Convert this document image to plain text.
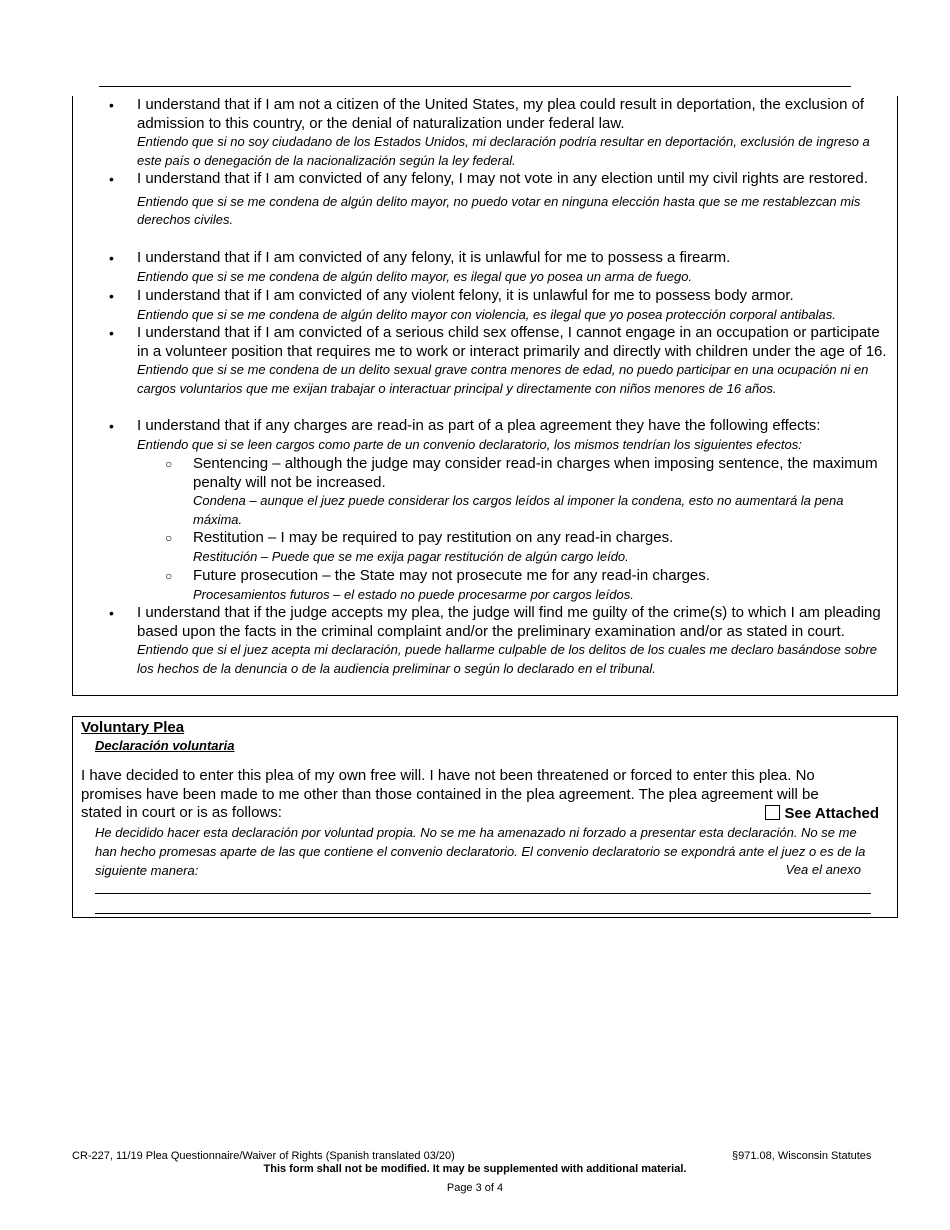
• I understand that if I am not a citizen of the United States, my plea could result in deportation, the exclusion of admission to this country, or the denial of naturalization under federal law.
Entiendo que si no soy ciudadano de los Estados Unidos, mi declaración podría resultar en deportación, exclusión de ingreso a este país o denegación de la nacionalización según la ley federal.
• I understand that if I am convicted of any felony, I may not vote in any election until my civil rights are restored.
Entiendo que si se me condena de algún delito mayor, no puedo votar en ninguna elección hasta que se me restablezcan mis derechos civiles.
• I understand that if I am convicted of any felony, it is unlawful for me to possess a firearm.
Entiendo que si se me condena de algún delito mayor, es ilegal que yo posea un arma de fuego.
• I understand that if I am convicted of any violent felony, it is unlawful for me to possess body armor.
Entiendo que si se me condena de algún delito mayor con violencia, es ilegal que yo posea protección corporal antibalas.
• I understand that if I am convicted of a serious child sex offense, I cannot engage in an occupation or participate in a volunteer position that requires me to work or interact primarily and directly with children under the age of 16.
Entiendo que si se me condena de un delito sexual grave contra menores de edad, no puedo participar en una ocupación ni en cargos voluntarios que me exijan trabajar o interactuar principal y directamente con niños menores de 16 años.
• I understand that if any charges are read-in as part of a plea agreement they have the following effects:
Entiendo que si se leen cargos como parte de un convenio declaratorio, los mismos tendrían los siguientes efectos:
○ Sentencing – although the judge may consider read-in charges when imposing sentence, the maximum penalty will not be increased.
Condena – aunque el juez puede considerar los cargos leídos al imponer la condena, esto no aumentará la pena máxima.
○ Restitution – I may be required to pay restitution on any read-in charges.
Restitución – Puede que se me exija pagar restitución de algún cargo leído.
○ Future prosecution – the State may not prosecute me for any read-in charges.
Procesamientos futuros – el estado no puede procesarme por cargos leídos.
• I understand that if the judge accepts my plea, the judge will find me guilty of the crime(s) to which I am pleading based upon the facts in the criminal complaint and/or the preliminary examination and/or as stated in court.
Entiendo que si el juez acepta mi declaración, puede hallarme culpable de los delitos de los cuales me declaro basándose sobre los hechos de la denuncia o de la audiencia preliminar o según lo declarado en el tribunal.
Voluntary Plea
Declaración voluntaria
I have decided to enter this plea of my own free will. I have not been threatened or forced to enter this plea. No promises have been made to me other than those contained in the plea agreement. The plea agreement will be stated in court or is as follows:	See Attached
He decidido hacer esta declaración por voluntad propia. No se me ha amenazado ni forzado a presentar esta declaración. No se me han hecho promesas aparte de las que contiene el convenio declaratorio. El convenio declaratorio se expondrá ante el juez o es de la siguiente manera:	Vea el anexo
CR-227, 11/19 Plea Questionnaire/Waiver of Rights (Spanish translated 03/20)	§971.08, Wisconsin Statutes
This form shall not be modified. It may be supplemented with additional material.
Page 3 of 4
